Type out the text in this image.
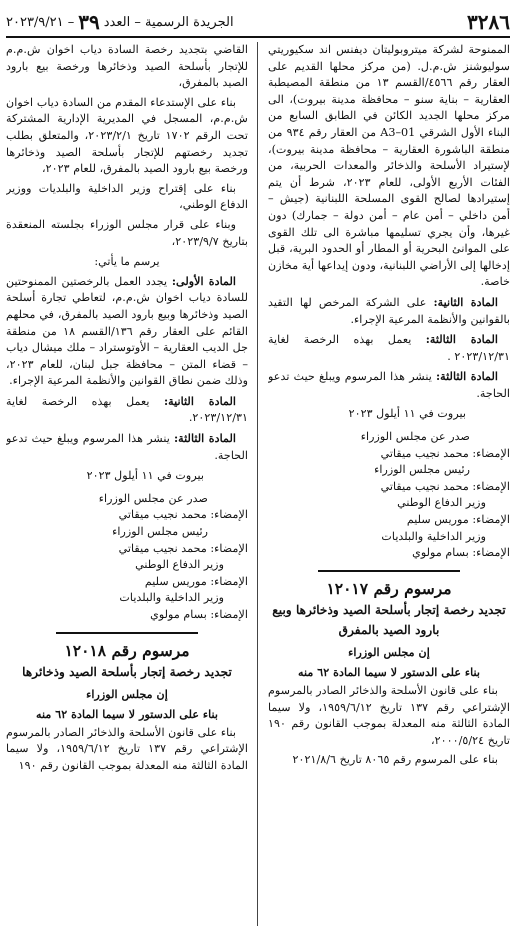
٣٢٨٦
الجريدة الرسمية – العدد
٣٩
– ٢٠٢٣/٩/٢١

الممنوحة لشركة ميتروبوليتان ديفنس اند سكيوريتي سوليوشنز ش.م.ل. (من مركز محلها القديم على العقار رقم ٤٥٦٦/القسم ١٣ من منطقة المصيطبة العقارية – بناية سنو – محافظة مدينة بيروت)، الى مركز محلها الجديد الكائن في الطابق السابع من البناء الأول الشرقي A3–01 من العقار رقم ٩٣٤ من منطقة الباشورة العقارية – محافظة مدينة بيروت)، لإستيراد الأسلحة والذخائر والمعدات الحربية، من الفئات الأربع الأولى، للعام ٢٠٢٣، شرط أن يتم إستيرادها لصالح القوى المسلحة اللبنانية (جيش – أمن داخلي – أمن عام – أمن دولة – جمارك) دون غيرها، وأن يجري تسليمها مباشرة الى تلك القوى على الموانئ البحرية أو المطار أو الحدود البرية، قبل إدخالها إلى الأراضي اللبنانية، ودون إيداعها أية مخازن خاصة.

المادة الثانية: على الشركة المرخص لها التقيد بالقوانين والأنظمة المرعية الإجراء.

المادة الثالثة: يعمل بهذه الرخصة لغاية ٢٠٢٣/١٢/٣١ .

المادة الثالثة: ينشر هذا المرسوم ويبلغ حيث تدعو الحاجة.

بيروت في ١١ أيلول ٢٠٢٣

صدر عن مجلس الوزراء

الإمضاء: محمد نجيب ميقاتي

رئيس مجلس الوزراء

الإمضاء: محمد نجيب ميقاتي

وزير الدفاع الوطني

الإمضاء: موريس سليم

وزير الداخلية والبلديات

الإمضاء: بسام مولوي

مرسوم رقم ١٢٠١٧

تجديد رخصة إتجار بأسلحة الصيد وذخائرها وبيع بارود الصيد بالمفرق

إن مجلس الوزراء

بناء على الدستور لا سيما المادة ٦٢ منه

بناء على قانون الأسلحة والذخائر الصادر بالمرسوم الإشتراعي رقم ١٣٧ تاريخ ١٩٥٩/٦/١٢، ولا سيما المادة الثالثة منه المعدلة بموجب القانون رقم ١٩٠ تاريخ ٢٠٠٠/٥/٢٤،

بناء على المرسوم رقم ٨٠٦٥ تاريخ ٢٠٢١/٨/٦

القاضي بتجديد رخصة السادة دياب اخوان ش.م.م للإتجار بأسلحة الصيد وذخائرها ورخصة بيع بارود الصيد بالمفرق،

بناء على الإستدعاء المقدم من السادة دياب اخوان ش.م.م، المسجل في المديرية الإدارية المشتركة تحت الرقم ١٧٠٢ تاريخ ٢٠٢٣/٢/١، والمتعلق بطلب تجديد رخصتهم للإتجار بأسلحة الصيد وذخائرها ورخصة بيع بارود الصيد بالمفرق، للعام ٢٠٢٣،

بناء على إقتراح وزير الداخلية والبلديات ووزير الدفاع الوطني،

وبناء على قرار مجلس الوزراء بجلسته المنعقدة بتاريخ ٢٠٢٣/٩/٧،

يرسم ما يأتي:

المادة الأولى: يجدد العمل بالرخصتين الممنوحتين للسادة دياب اخوان ش.م.م، لتعاطي تجارة أسلحة الصيد وذخائرها وبيع بارود الصيد بالمفرق، في محلهم القائم على العقار رقم ١٣٦/القسم ١٨ من منطقة جل الديب العقارية – الأوتوستراد – ملك ميشال دياب – قضاء المتن – محافظة جبل لبنان، للعام ٢٠٢٣، وذلك ضمن نطاق القوانين والأنظمة المرعية الإجراء.

المادة الثانية: يعمل بهذه الرخصة لغاية ٢٠٢٣/١٢/٣١.

المادة الثالثة: ينشر هذا المرسوم ويبلغ حيث تدعو الحاجة.

بيروت في ١١ أيلول ٢٠٢٣

صدر عن مجلس الوزراء

الإمضاء: محمد نجيب ميقاتي

رئيس مجلس الوزراء

الإمضاء: محمد نجيب ميقاتي

وزير الدفاع الوطني

الإمضاء: موريس سليم

وزير الداخلية والبلديات

الإمضاء: بسام مولوي

مرسوم رقم ١٢٠١٨

تجديد رخصة إتجار بأسلحة الصيد وذخائرها

إن مجلس الوزراء

بناء على الدستور لا سيما المادة ٦٢ منه

بناء على قانون الأسلحة والذخائر الصادر بالمرسوم الإشتراعي رقم ١٣٧ تاريخ ١٩٥٩/٦/١٢، ولا سيما المادة الثالثة منه المعدلة بموجب القانون رقم ١٩٠
